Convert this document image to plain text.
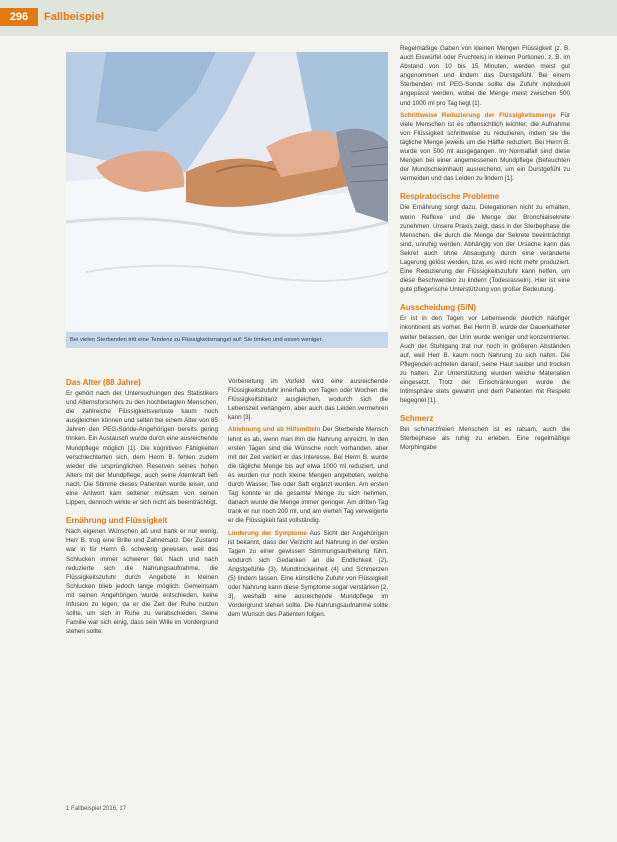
296	Fallbeispiel
Bei vielen Sterbenden tritt eine Tendenz zu Flüssigkeitsmangel auf: Sie trinken und essen weniger.
Das Alter (88 Jahre)

Er gehört nach der Untersuchungen des Statistikers und Alternsforschers zu den hochbetagten Menschen, die zahlreiche Flüssigkeitsverluste kaum noch ausgleichen können und selten bei einem Alter von 85 Jahren den PEG-Sonde-Angehörigen bereits gering trinken. Ein Austausch wurde durch eine ausreichende Mundpflege möglich [1]. Die kognitiven Fähigkeiten verschlechterten sich, dem Herrn B. fehlen zudem wieder die ursprünglichen Reserven seines hohen Alters mit der Mundpflege, auch seine Atemkraft ließ nach. Die Stimme dieses Patienten wurde leiser, und eine Antwort kam seltener mühsam von seinen Lippen, dennoch wirkte er sich nicht als beeinträchtigt.

Ernährung und Flüssigkeit

Nach eigenen Wünschen aß und trank er nur wenig, Herr B. trug eine Brille und Zahnersatz. Der Zustand war in für Herrn B. schwierig gewesen, weil das Schlucken immer schwerer fiel. Nach und nach reduzierte sich die Nahrungsaufnahme, die Flüssigkeitszufuhr durch Angebote in kleinen Schlucken blieb jedoch lange möglich. Gemeinsam mit seinen Angehörigen wurde entschieden, keine Infusion zu legen, da er die Zeit der Ruhe nutzen sollte, um sich in Ruhe zu verabschieden. Seine Familie war sich einig, dass sein Wille im Vordergrund stehen sollte.

Vorbereitung im Vorfeld wird eine ausreichende Flüssigkeitszufuhr innerhalb von Tagen oder Wochen die Flüssigkeitsbilanz ausgleichen, wodurch sich die Lebenszeit verlängern, aber auch das Leiden vermehren kann [3].

Ablehnung und ab Hilfsmitteln Der Sterbende Mensch lehnt es ab, wenn man ihm die Nahrung anreicht. In den ersten Tagen sind die Wünsche noch vorhanden, aber mit der Zeit verliert er das Interesse. Bei Herrn B. wurde die tägliche Menge bis auf etwa 1000 ml reduziert, und es wurden nur noch kleine Mengen angeboten, welche durch Wasser, Tee oder Saft ergänzt wurden. Am ersten Tag konnte er die gesamte Menge zu sich nehmen, danach wurde die Menge immer geringer. Am dritten Tag trank er nur noch 200 ml, und am vierten Tag verweigerte er die Flüssigkeit fast vollständig.

Linderung der Symptome Aus Sicht der Angehörigen ist bekannt, dass der Verzicht auf Nahrung in der ersten Tagen zu einer gewissen Stimmungsaufhellung führt, wodurch sich Gedanken an die Endlichkeit (2), Angstgefühle (3), Mundtrockenheit (4) und Schmerzen (5) lindern lassen. Eine künstliche Zufuhr von Flüssigkeit oder Nahrung kann diese Symptome sogar verstärken [2, 3], weshalb eine ausreichende Mundpflege im Vordergrund stehen sollte. Die Nahrungsaufnahme sollte dem Wunsch des Patienten folgen.

Regelmäßige Gaben von kleinen Mengen Flüssigkeit (z. B. auch Eiswürfel oder Fruchteis) in kleinen Portionen, z. B. im Abstand von 10 bis 15 Minuten, werden meist gut angenommen und lindern das Durstgefühl. Bei einem Sterbenden mit PEG-Sonde sollte die Zufuhr individuell angepasst werden, wobei die Menge meist zwischen 500 und 1000 ml pro Tag liegt [1].

Schrittweise Reduzierung der Flüssigkeitsmenge Für viele Menschen ist es offensichtlich leichter, die Aufnahme von Flüssigkeit schrittweise zu reduzieren, indem sie die tägliche Menge jeweils um die Hälfte reduziert. Bei Herrn B. wurde von 500 ml ausgegangen. Im Normalfall sind diese Mengen bei einer angemessenen Mundpflege (Befeuchten der Mundschleimhaut) ausreichend, um ein Durstgefühl zu vermeiden und das Leiden zu lindern [1].

Respiratorische Probleme

Die Ernährung sorgt dazu, Delegationen nicht zu erhalten, wenn Reflexe und die Menge der Bronchialsekrete zunehmen. Unsere Praxis zeigt, dass in der Sterbephase die Menschen, die durch die Menge der Sekrete beeinträchtigt sind, unruhig werden. Abhängig von der Ursache kann das Sekret auch ohne Absaugung durch eine veränderte Lagerung gelöst werden, bzw. es wird nicht mehr produziert. Eine Reduzierung der Flüssigkeitszufuhr kann helfen, um diese Beschwerden zu lindern (Todesrasseln). Hier ist eine gute pflegerische Unterstützung von großer Bedeutung.

Ausscheidung (S/N)

Er ist in den Tagen vor Lebensende deutlich häufiger inkontinent als vorher. Bei Herrn B. wurde der Dauerkatheter weiter belassen, der Urin wurde weniger und konzentrierter. Auch der Stuhlgang trat nur noch in größeren Abständen auf, weil Herr B. kaum noch Nahrung zu sich nahm. Die Pflegenden achteten darauf, seine Haut sauber und trocken zu halten. Zur Unterstützung wurden weiche Materialien eingesetzt. Trotz der Einschränkungen wurde die Intimsphäre stets gewahrt und dem Patienten mit Respekt begegnet [1].

Schmerz

Bei schmerzfreien Menschen ist es ratsam, auch die Sterbephase als ruhig zu erleben. Eine regelmäßige Morphingabe

1 Fallbeispiel 2016, 17
